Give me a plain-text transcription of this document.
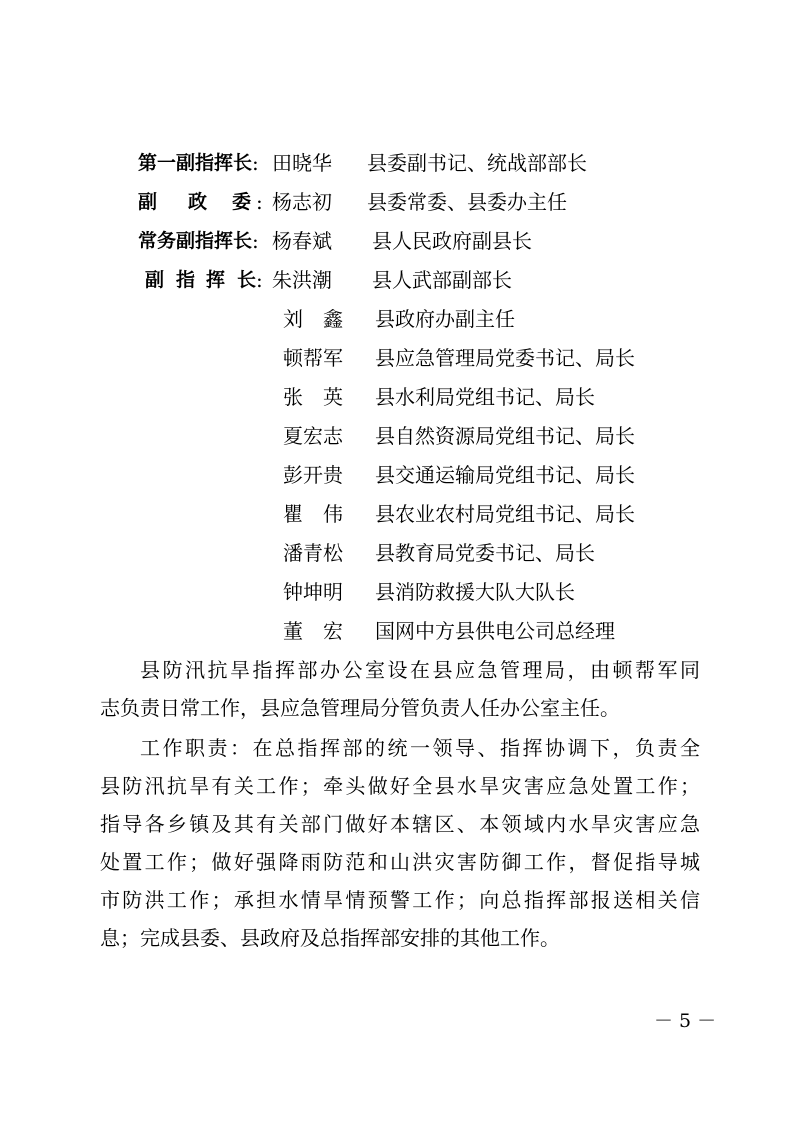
第一副指挥长 : 田晓华 县委副书记、统战部部长
副 政 委 : 杨志初 县委常委、县委办主任
常务副指挥长 : 杨春斌 县人民政府副县长
副 指 挥 长 : 朱洪潮 县人武部副部长
刘　鑫 县政府办副主任
顿帮军 县应急管理局党委书记、局长
张　英 县水利局党组书记、局长
夏宏志 县自然资源局党组书记、局长
彭开贵 县交通运输局党组书记、局长
瞿　伟 县农业农村局党组书记、局长
潘青松 县教育局党委书记、局长
钟坤明 县消防救援大队大队长
董　宏 国网中方县供电公司总经理
县防汛抗旱指挥部办公室设在县应急管理局，由顿帮军同
志负责日常工作，县应急管理局分管负责人任办公室主任。
工作职责：在总指挥部的统一领导、指挥协调下，负责全
县防汛抗旱有关工作；牵头做好全县水旱灾害应急处置工作；
指导各乡镇及其有关部门做好本辖区、本领域内水旱灾害应急
处置工作；做好强降雨防范和山洪灾害防御工作，督促指导城
市防洪工作；承担水情旱情预警工作；向总指挥部报送相关信
息；完成县委、县政府及总指挥部安排的其他工作。
－ 5 －
